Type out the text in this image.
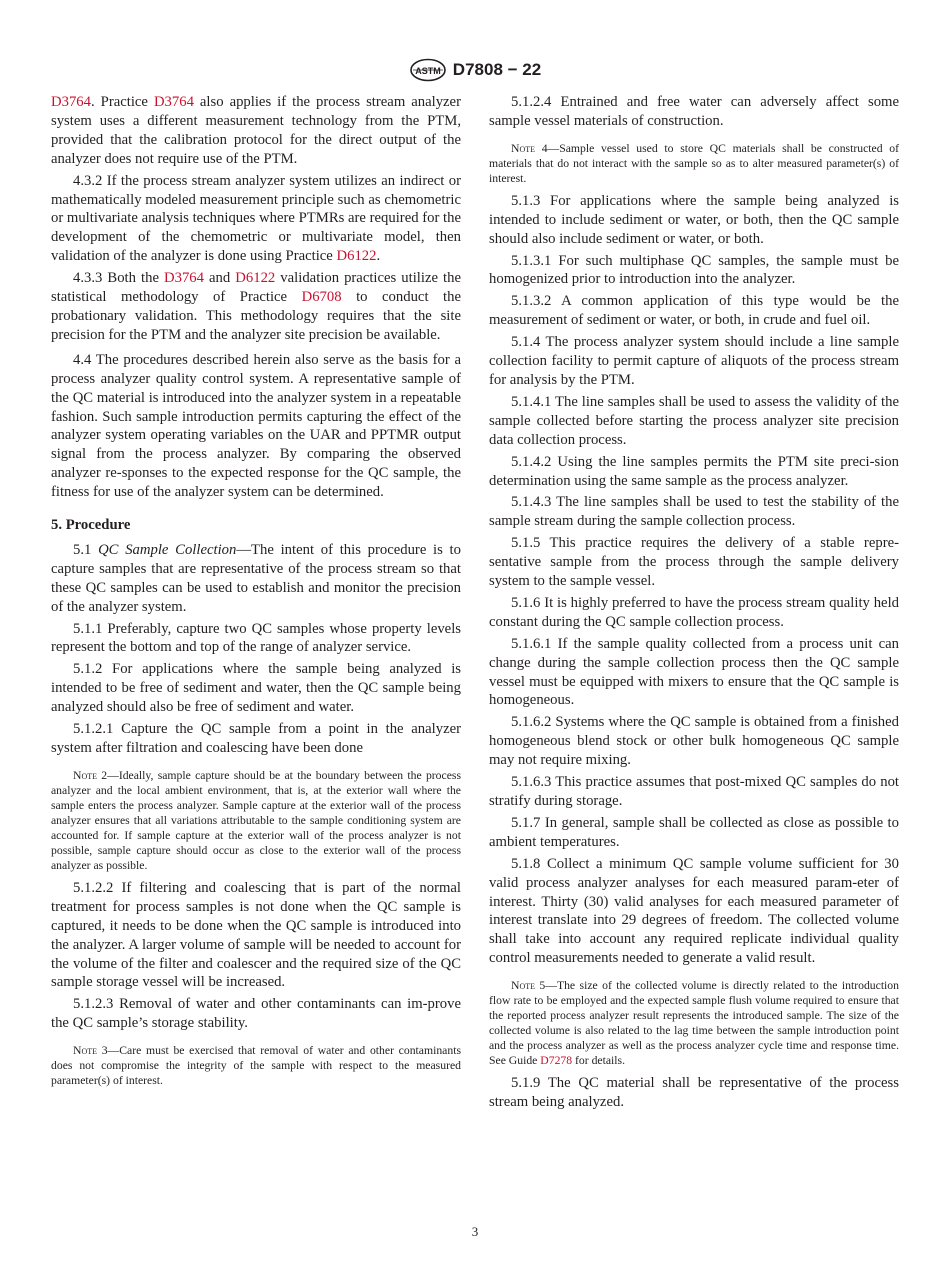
ASTM D7808 − 22

D3764. Practice D3764 also applies if the process stream analyzer system uses a different measurement technology from the PTM, provided that the calibration protocol for the direct output of the analyzer does not require use of the PTM.

4.3.2 If the process stream analyzer system utilizes an indirect or mathematically modeled measurement principle such as chemometric or multivariate analysis techniques where PTMRs are required for the development of the chemometric or multivariate model, then validation of the analyzer is done using Practice D6122.

4.3.3 Both the D3764 and D6122 validation practices utilize the statistical methodology of Practice D6708 to conduct the probationary validation. This methodology requires that the site precision for the PTM and the analyzer site precision be available.

4.4 The procedures described herein also serve as the basis for a process analyzer quality control system. A representative sample of the QC material is introduced into the analyzer system in a repeatable fashion. Such sample introduction permits capturing the effect of the analyzer system operating variables on the UAR and PPTMR output signal from the process analyzer. By comparing the observed analyzer re-sponses to the expected response for the QC sample, the fitness for use of the analyzer system can be determined.

5. Procedure

5.1 QC Sample Collection—The intent of this procedure is to capture samples that are representative of the process stream so that these QC samples can be used to establish and monitor the precision of the analyzer system.

5.1.1 Preferably, capture two QC samples whose property levels represent the bottom and top of the range of analyzer service.

5.1.2 For applications where the sample being analyzed is intended to be free of sediment and water, then the QC sample being analyzed should also be free of sediment and water.

5.1.2.1 Capture the QC sample from a point in the analyzer system after filtration and coalescing have been done

Note 2—Ideally, sample capture should be at the boundary between the process analyzer and the local ambient environment, that is, at the exterior wall where the sample enters the process analyzer. Sample capture at the exterior wall of the process analyzer ensures that all variations attributable to the sample conditioning system are accounted for. If sample capture at the exterior wall of the process analyzer is not possible, sample capture should occur as close to the exterior wall of the process analyzer as possible.

5.1.2.2 If filtering and coalescing that is part of the normal treatment for process samples is not done when the QC sample is captured, it needs to be done when the QC sample is introduced into the analyzer. A larger volume of sample will be needed to account for the volume of the filter and coalescer and the required size of the QC sample storage vessel will be increased.

5.1.2.3 Removal of water and other contaminants can im-prove the QC sample’s storage stability.

Note 3—Care must be exercised that removal of water and other contaminants does not compromise the integrity of the sample with respect to the measured parameter(s) of interest.

5.1.2.4 Entrained and free water can adversely affect some sample vessel materials of construction.

Note 4—Sample vessel used to store QC materials shall be constructed of materials that do not interact with the sample so as to alter measured parameter(s) of interest.

5.1.3 For applications where the sample being analyzed is intended to include sediment or water, or both, then the QC sample should also include sediment or water, or both.

5.1.3.1 For such multiphase QC samples, the sample must be homogenized prior to introduction into the analyzer.

5.1.3.2 A common application of this type would be the measurement of sediment or water, or both, in crude and fuel oil.

5.1.4 The process analyzer system should include a line sample collection facility to permit capture of aliquots of the process stream for analysis by the PTM.

5.1.4.1 The line samples shall be used to assess the validity of the sample collected before starting the process analyzer site precision data collection process.

5.1.4.2 Using the line samples permits the PTM site preci-sion determination using the same sample as the process analyzer.

5.1.4.3 The line samples shall be used to test the stability of the sample stream during the sample collection process.

5.1.5 This practice requires the delivery of a stable repre-sentative sample from the process through the sample delivery system to the sample vessel.

5.1.6 It is highly preferred to have the process stream quality held constant during the QC sample collection process.

5.1.6.1 If the sample quality collected from a process unit can change during the sample collection process then the QC sample vessel must be equipped with mixers to ensure that the QC sample is homogeneous.

5.1.6.2 Systems where the QC sample is obtained from a finished homogeneous blend stock or other bulk homogeneous QC sample may not require mixing.

5.1.6.3 This practice assumes that post-mixed QC samples do not stratify during storage.

5.1.7 In general, sample shall be collected as close as possible to ambient temperatures.

5.1.8 Collect a minimum QC sample volume sufficient for 30 valid process analyzer analyses for each measured param-eter of interest. Thirty (30) valid analyses for each measured parameter of interest translate into 29 degrees of freedom. The collected volume shall take into account any required replicate individual quality control measurements needed to generate a valid result.

Note 5—The size of the collected volume is directly related to the introduction flow rate to be employed and the expected sample flush volume required to ensure that the reported process analyzer result represents the introduced sample. The size of the collected volume is also related to the lag time between the sample introduction point and the process analyzer as well as the process analyzer cycle time and response time. See Guide D7278 for details.

5.1.9 The QC material shall be representative of the process stream being analyzed.

3
